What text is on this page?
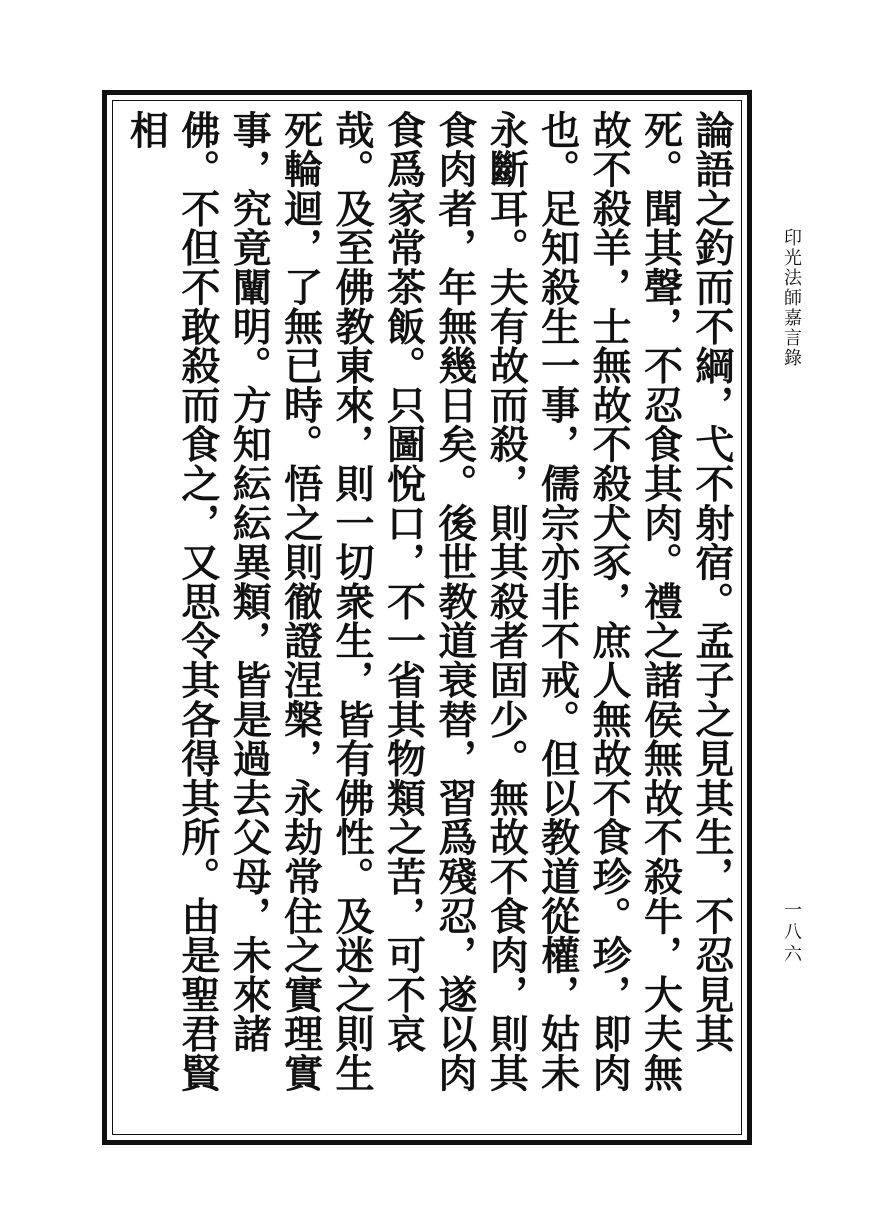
論語之釣而不綱，弋不射宿。孟子之見其生，不忍見其死。聞其聲，不忍食其肉。禮之諸侯無故不殺牛，大夫無故不殺羊，士無故不殺犬豕，庶人無故不食珍。珍，即肉也。足知殺生一事，儒宗亦非不戒。但以教道從權，姑未永斷耳。夫有故而殺，則其殺者固少。無故不食肉，則其食肉者，年無幾日矣。後世教道衰替，習爲殘忍，遂以肉食爲家常茶飯。只圖悅口，不一省其物類之苦，可不哀哉。及至佛教東來，則一切衆生，皆有佛性。及迷之則生死輪迴，了無已時。悟之則徹證涅槃，永劫常住之實理實事，究竟闡明。方知紜紜異類，皆是過去父母，未來諸佛。不但不敢殺而食之，又思令其各得其所。由是聖君賢相

印光法師嘉言錄
一八六
